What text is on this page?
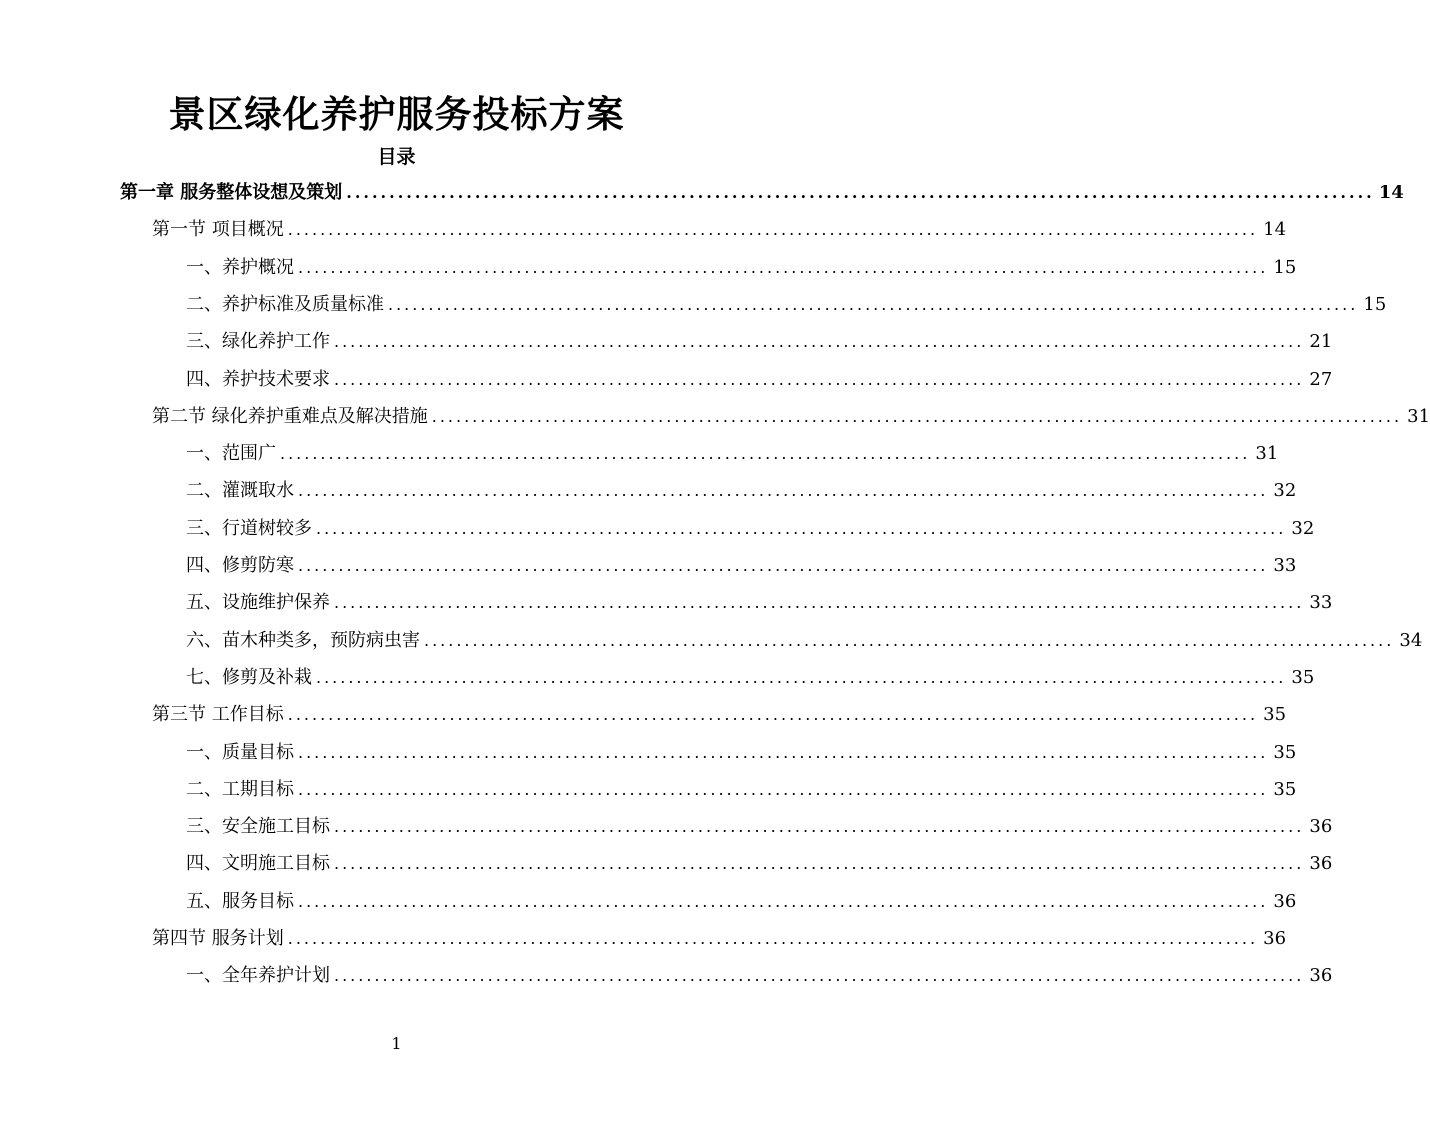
景区绿化养护服务投标方案
目录
第一章 服务整体设想及策划 ........................................................................................................................ 14
第一节 项目概况 ........................................................................................................................ 14
一、养护概况 ........................................................................................................................ 15
二、养护标准及质量标准 ........................................................................................................................ 15
三、绿化养护工作 ........................................................................................................................ 21
四、养护技术要求 ........................................................................................................................ 27
第二节 绿化养护重难点及解决措施 ........................................................................................................................ 31
一、范围广 ........................................................................................................................ 31
二、灌溉取水 ........................................................................................................................ 32
三、行道树较多 ........................................................................................................................ 32
四、修剪防寒 ........................................................................................................................ 33
五、设施维护保养 ........................................................................................................................ 33
六、苗木种类多，预防病虫害 ........................................................................................................................ 34
七、修剪及补栽 ........................................................................................................................ 35
第三节 工作目标 ........................................................................................................................ 35
一、质量目标 ........................................................................................................................ 35
二、工期目标 ........................................................................................................................ 35
三、安全施工目标 ........................................................................................................................ 36
四、文明施工目标 ........................................................................................................................ 36
五、服务目标 ........................................................................................................................ 36
第四节 服务计划 ........................................................................................................................ 36
一、全年养护计划 ........................................................................................................................ 36
1
